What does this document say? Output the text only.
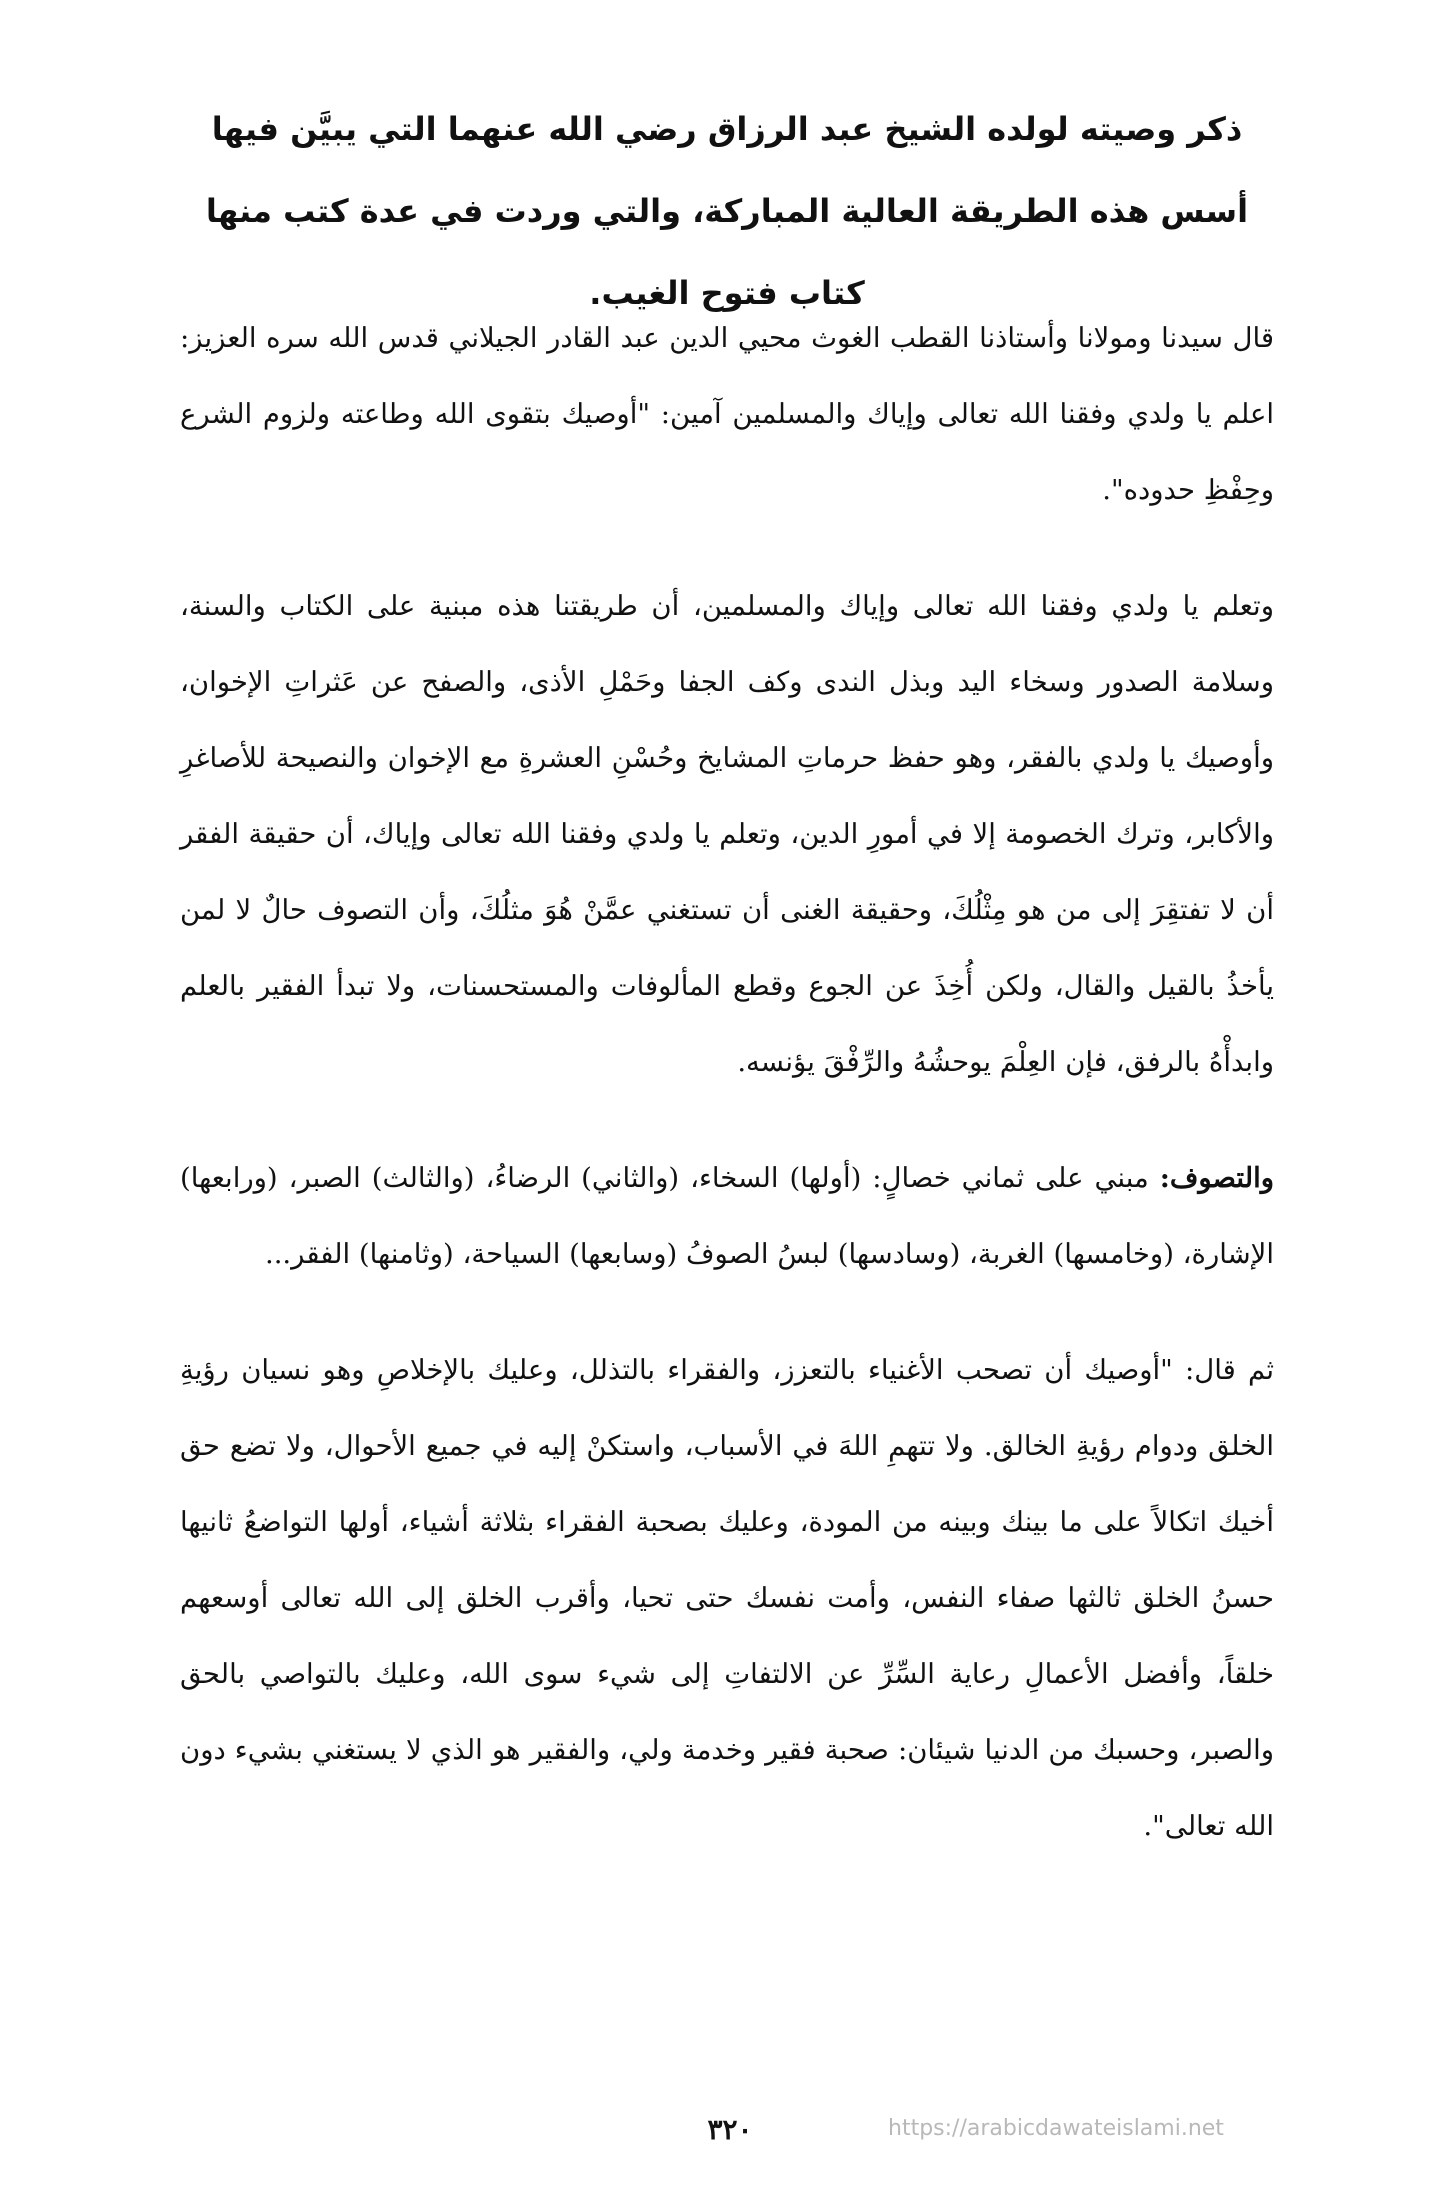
ذكر وصيته لولده الشيخ عبد الرزاق رضي الله عنهما التي يبيَّن فيها أسس هذه الطريقة العالية المباركة، والتي وردت في عدة كتب منها كتاب فتوح الغيب.

قال سيدنا ومولانا وأستاذنا القطب الغوث محيي الدين عبد القادر الجيلاني قدس الله سره العزيز: اعلم يا ولدي وفقنا الله تعالى وإياك والمسلمين آمين: "أوصيك بتقوى الله وطاعته ولزوم الشرع وحِفْظِ حدوده".

وتعلم يا ولدي وفقنا الله تعالى وإياك والمسلمين، أن طريقتنا هذه مبنية على الكتاب والسنة، وسلامة الصدور وسخاء اليد وبذل الندى وكف الجفا وحَمْلِ الأذى، والصفح عن عَثراتِ الإخوان، وأوصيك يا ولدي بالفقر، وهو حفظ حرماتِ المشايخ وحُسْنِ العشرةِ مع الإخوان والنصيحة للأصاغرِ والأكابر، وترك الخصومة إلا في أمورِ الدين، وتعلم يا ولدي وفقنا الله تعالى وإياك، أن حقيقة الفقر أن لا تفتقِرَ إلى من هو مِثْلُكَ، وحقيقة الغنى أن تستغني عمَّنْ هُوَ مثلُكَ، وأن التصوف حالٌ لا لمن يأخذُ بالقيل والقال، ولكن أُخِذَ عن الجوع وقطع المألوفات والمستحسنات، ولا تبدأ الفقير بالعلم وابدأْهُ بالرفق، فإن العِلْمَ يوحشُهُ والرِّفْقَ يؤنسه.

والتصوف: مبني على ثماني خصالٍ: (أولها) السخاء، (والثاني) الرضاءُ، (والثالث) الصبر، (ورابعها) الإشارة، (وخامسها) الغربة، (وسادسها) لبسُ الصوفُ (وسابعها) السياحة، (وثامنها) الفقر...

ثم قال: "أوصيك أن تصحب الأغنياء بالتعزز، والفقراء بالتذلل، وعليك بالإخلاصِ وهو نسيان رؤيةِ الخلق ودوام رؤيةِ الخالق. ولا تتهمِ اللهَ في الأسباب، واستكنْ إليه في جميع الأحوال، ولا تضع حق أخيك اتكالاً على ما بينك وبينه من المودة، وعليك بصحبة الفقراء بثلاثة أشياء، أولها التواضعُ ثانيها حسنُ الخلق ثالثها صفاء النفس، وأمت نفسك حتى تحيا، وأقرب الخلق إلى الله تعالى أوسعهم خلقاً، وأفضل الأعمالِ رعاية السِّرِّ عن الالتفاتِ إلى شيء سوى الله، وعليك بالتواصي بالحق والصبر، وحسبك من الدنيا شيئان: صحبة فقير وخدمة ولي، والفقير هو الذي لا يستغني بشيء دون الله تعالى".

٣٢٠	https://arabicdawateislami.net
